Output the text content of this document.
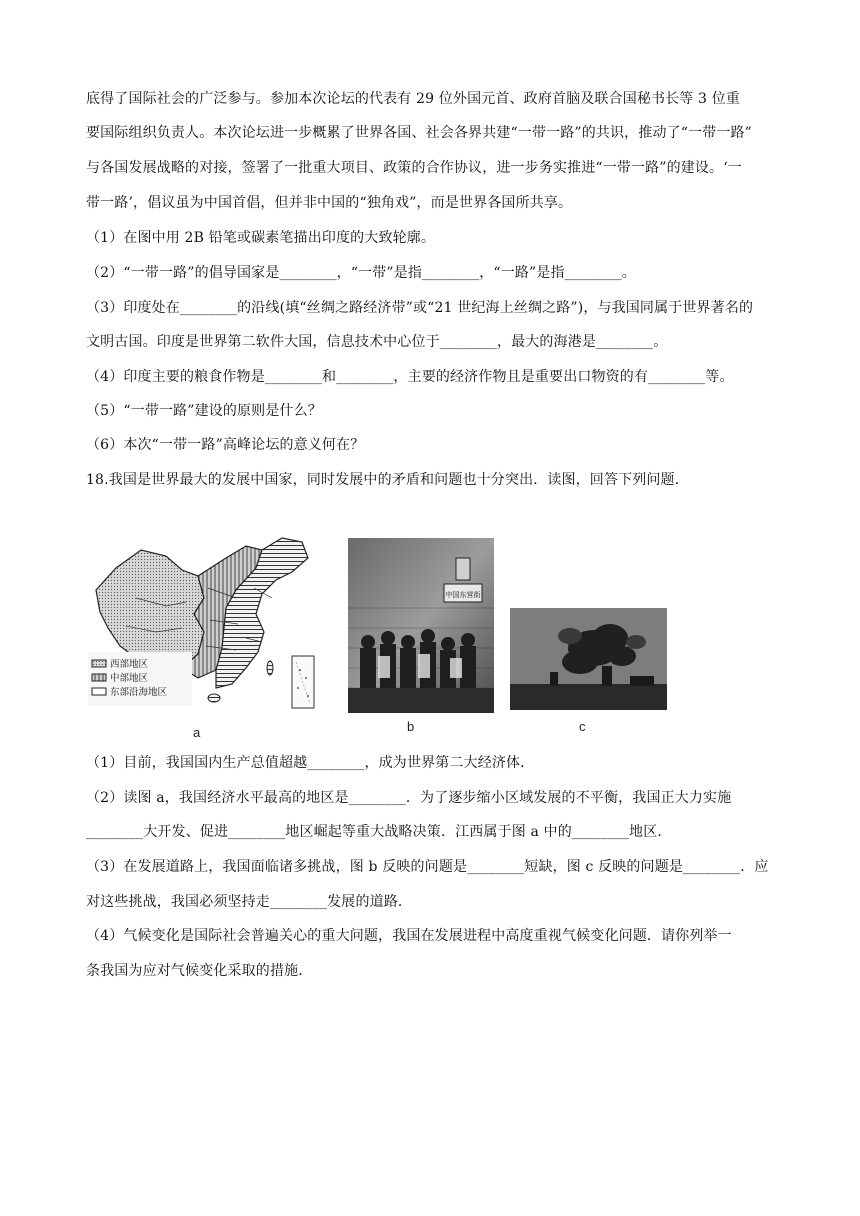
底得了国际社会的广泛参与。参加本次论坛的代表有 29 位外国元首、政府首脑及联合国秘书长等 3 位重
要国际组织负责人。本次论坛进一步概累了世界各国、社会各界共建“一带一路”的共识，推动了“一带一路”
与各国发展战略的对接，签署了一批重大项目、政策的合作协议，进一步务实推进“一带一路”的建设。‘一
带一路’，倡议虽为中国首倡，但并非中国的“独角戏”，而是世界各国所共享。
（1）在图中用 2B 铅笔或碳素笔描出印度的大致轮廓。
（2）“一带一路”的倡导国家是________，“一带”是指________，“一路”是指________。
（3）印度处在________的沿线(填“丝绸之路经济带”或“21 世纪海上丝绸之路”)，与我国同属于世界著名的
文明古国。印度是世界第二软件大国，信息技术中心位于________，最大的海港是________。
（4）印度主要的粮食作物是________和________，主要的经济作物且是重要出口物资的有________等。
（5）“一带一路”建设的原则是什么？
（6）本次“一带一路”高峰论坛的意义何在？
18.我国是世界最大的发展中国家，同时发展中的矛盾和问题也十分突出．读图，回答下列问题．
西部地区
中部地区
东部沿海地区
a
中国东营街
b	c
（1）目前，我国国内生产总值超越________，成为世界第二大经济体．
（2）读图 a，我国经济水平最高的地区是________．为了逐步缩小区域发展的不平衡，我国正大力实施
________大开发、促进________地区崛起等重大战略决策．江西属于图 a 中的________地区．
（3）在发展道路上，我国面临诸多挑战，图 b 反映的问题是________短缺，图 c 反映的问题是________．应
对这些挑战，我国必须坚持走________发展的道路．
（4）气候变化是国际社会普遍关心的重大问题，我国在发展进程中高度重视气候变化问题．请你列举一
条我国为应对气候变化采取的措施．
